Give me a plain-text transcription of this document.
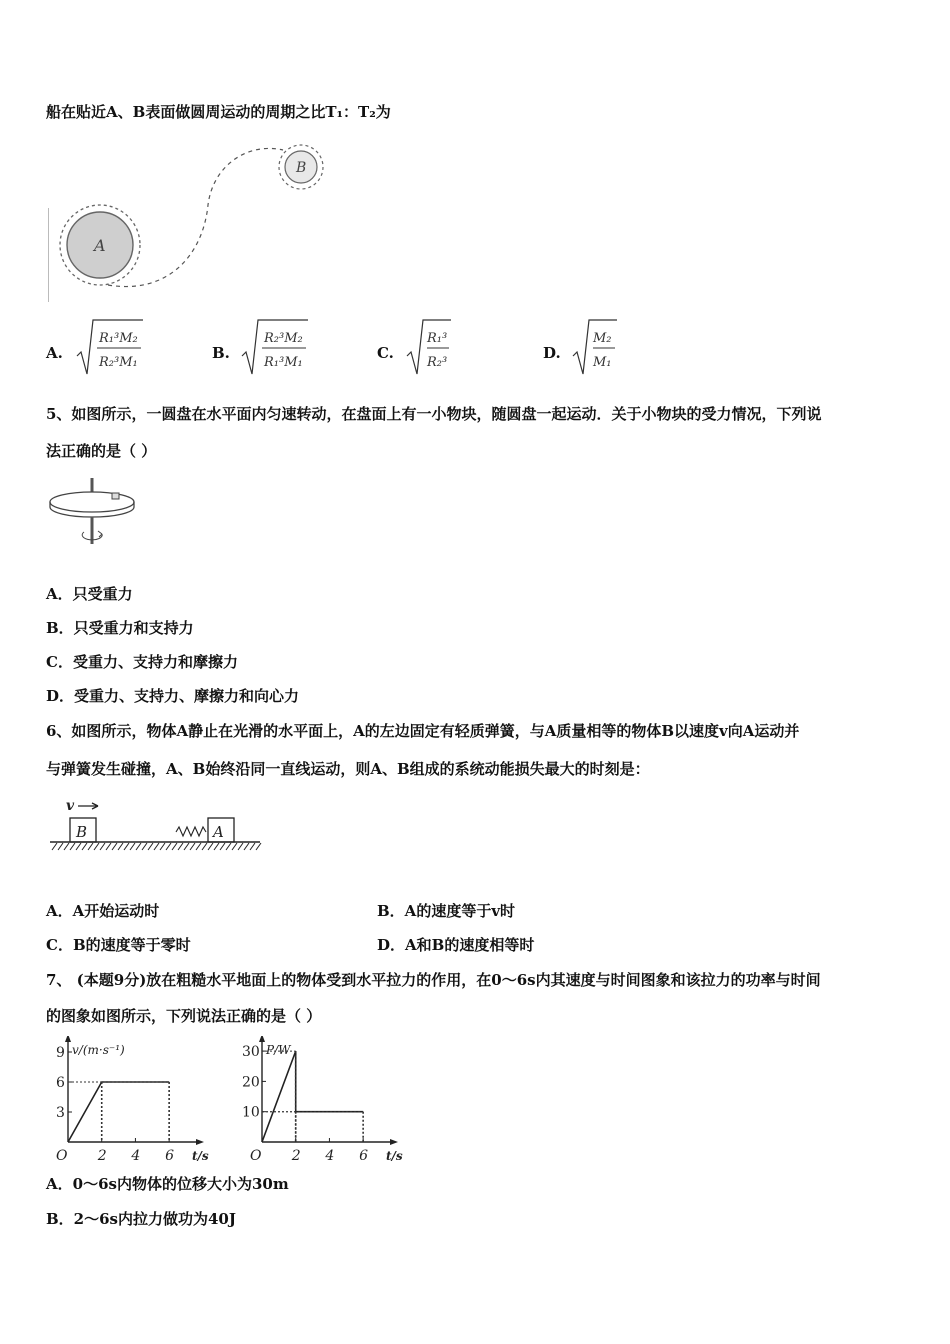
船在贴近A、B表面做圆周运动的周期之比T₁：T₂为
A
B
A.
R₁³M₂
R₂³M₁
B.
R₂³M₂
R₁³M₁
C.
R₁³
R₂³
D.
M₂
M₁
5、如图所示，一圆盘在水平面内匀速转动，在盘面上有一小物块，随圆盘一起运动．关于小物块的受力情况，下列说
法正确的是（ ）
A．只受重力
B．只受重力和支持力
C．受重力、支持力和摩擦力
D．受重力、支持力、摩擦力和向心力
6、如图所示，物体A静止在光滑的水平面上，A的左边固定有轻质弹簧，与A质量相等的物体B以速度v向A运动并
与弹簧发生碰撞，A、B始终沿同一直线运动，则A、B组成的系统动能损失最大的时刻是：
v
B	A
A．A开始运动时	B．A的速度等于v时
C．B的速度等于零时	D．A和B的速度相等时
7、 (本题9分)放在粗糙水平地面上的物体受到水平拉力的作用，在0～6s内其速度与时间图象和该拉力的功率与时间
的图象如图所示，下列说法正确的是（ ）
v/(m·s⁻¹)
t/s
O 2 4 6
3
6
9	P/W
t/s
O 2 4 6
10
20
30
A．0～6s内物体的位移大小为30m
B．2～6s内拉力做功为40J
